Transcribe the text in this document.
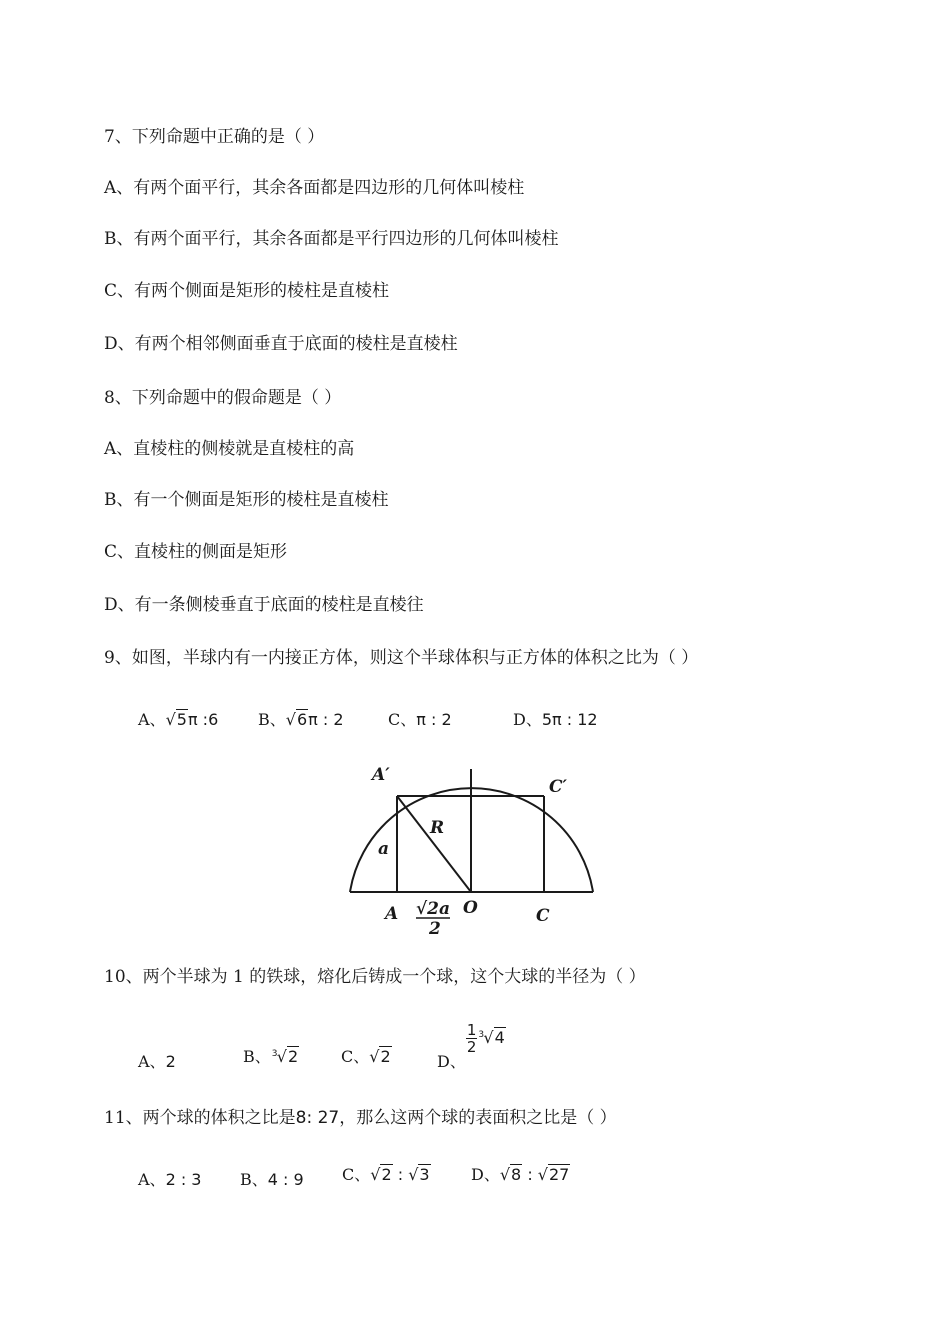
7、下列命题中正确的是（ ）
A、有两个面平行，其余各面都是四边形的几何体叫棱柱
B、有两个面平行，其余各面都是平行四边形的几何体叫棱柱
C、有两个侧面是矩形的棱柱是直棱柱
D、有两个相邻侧面垂直于底面的棱柱是直棱柱
8、下列命题中的假命题是（ ）
A、直棱柱的侧棱就是直棱柱的高
B、有一个侧面是矩形的棱柱是直棱柱
C、直棱柱的侧面是矩形
D、有一条侧棱垂直于底面的棱柱是直棱往
9、如图，半球内有一内接正方体，则这个半球体积与正方体的体积之比为（ ）
A、√5π :6 B、√6π : 2	C、π : 2	D、5π : 12
A′
C′
R
a
A	O	C
√2a
2
10、两个半球为 1 的铁球，熔化后铸成一个球，这个大球的半径为（ ）
A、2	B、 3 √2	C、√2	D、
$\frac{1}{2} 3$ √4
11、两个球的体积之比是8: 27，那么这两个球的表面积之比是（ ）
A、2 : 3 B、4 : 9 C、√2 : √3	D、√8 : √27
